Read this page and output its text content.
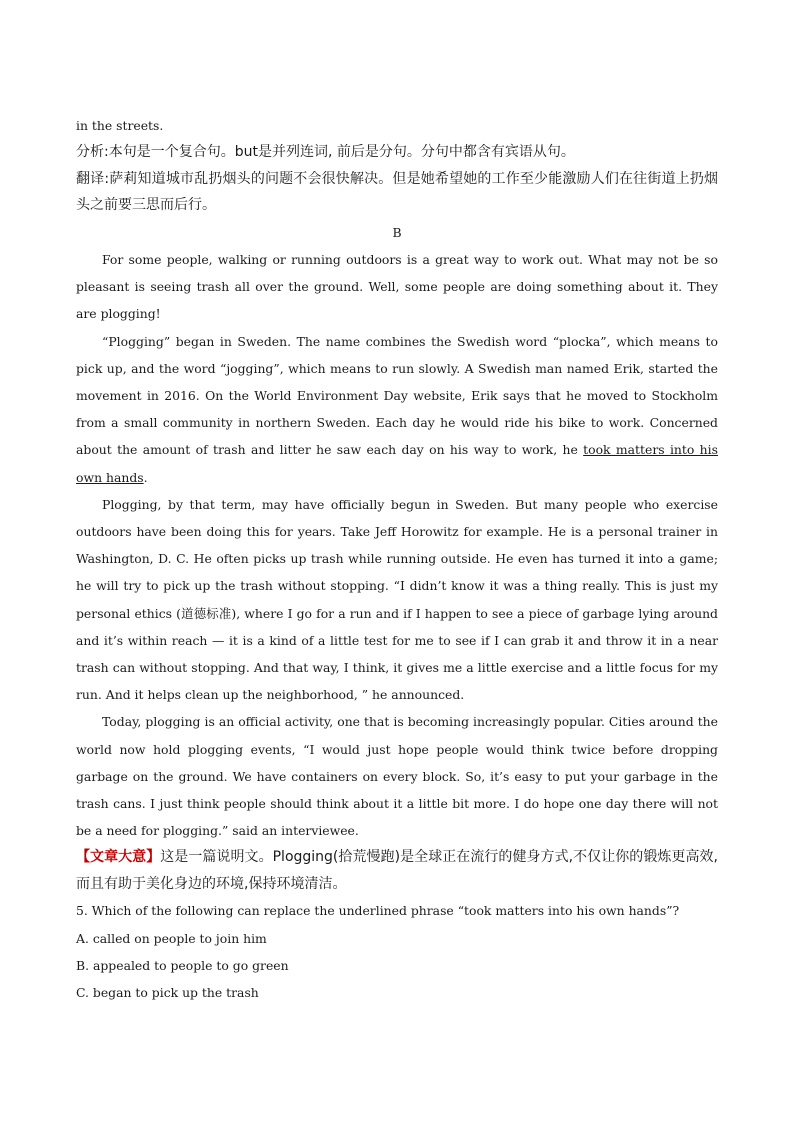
in the streets.

分析:本句是一个复合句。but是并列连词, 前后是分句。分句中都含有宾语从句。

翻译:萨莉知道城市乱扔烟头的问题不会很快解决。但是她希望她的工作至少能激励人们在往街道上扔烟头之前要三思而后行。

B

For some people, walking or running outdoors is a great way to work out. What may not be so pleasant is seeing trash all over the ground. Well, some people are doing something about it. They are plogging!

“Plogging” began in Sweden. The name combines the Swedish word “plocka”, which means to pick up, and the word “jogging”, which means to run slowly. A Swedish man named Erik, started the movement in 2016. On the World Environment Day website, Erik says that he moved to Stockholm from a small community in northern Sweden. Each day he would ride his bike to work. Concerned about the amount of trash and litter he saw each day on his way to work, he took matters into his own hands.

Plogging, by that term, may have officially begun in Sweden. But many people who exercise outdoors have been doing this for years. Take Jeff Horowitz for example. He is a personal trainer in Washington, D. C. He often picks up trash while running outside. He even has turned it into a game; he will try to pick up the trash without stopping. “I didn’t know it was a thing really. This is just my personal ethics (道德标准), where I go for a run and if I happen to see a piece of garbage lying around and it’s within reach — it is a kind of a little test for me to see if I can grab it and throw it in a near trash can without stopping. And that way, I think, it gives me a little exercise and a little focus for my run. And it helps clean up the neighborhood, ” he announced.

Today, plogging is an official activity, one that is becoming increasingly popular. Cities around the world now hold plogging events, “I would just hope people would think twice before dropping garbage on the ground. We have containers on every block. So, it’s easy to put your garbage in the trash cans. I just think people should think about it a little bit more. I do hope one day there will not be a need for plogging.” said an interviewee.

【文章大意】这是一篇说明文。Plogging(拾荒慢跑)是全球正在流行的健身方式,不仅让你的锻炼更高效,而且有助于美化身边的环境,保持环境清洁。

5. Which of the following can replace the underlined phrase “took matters into his own hands”?

A. called on people to join him

B. appealed to people to go green

C. began to pick up the trash
